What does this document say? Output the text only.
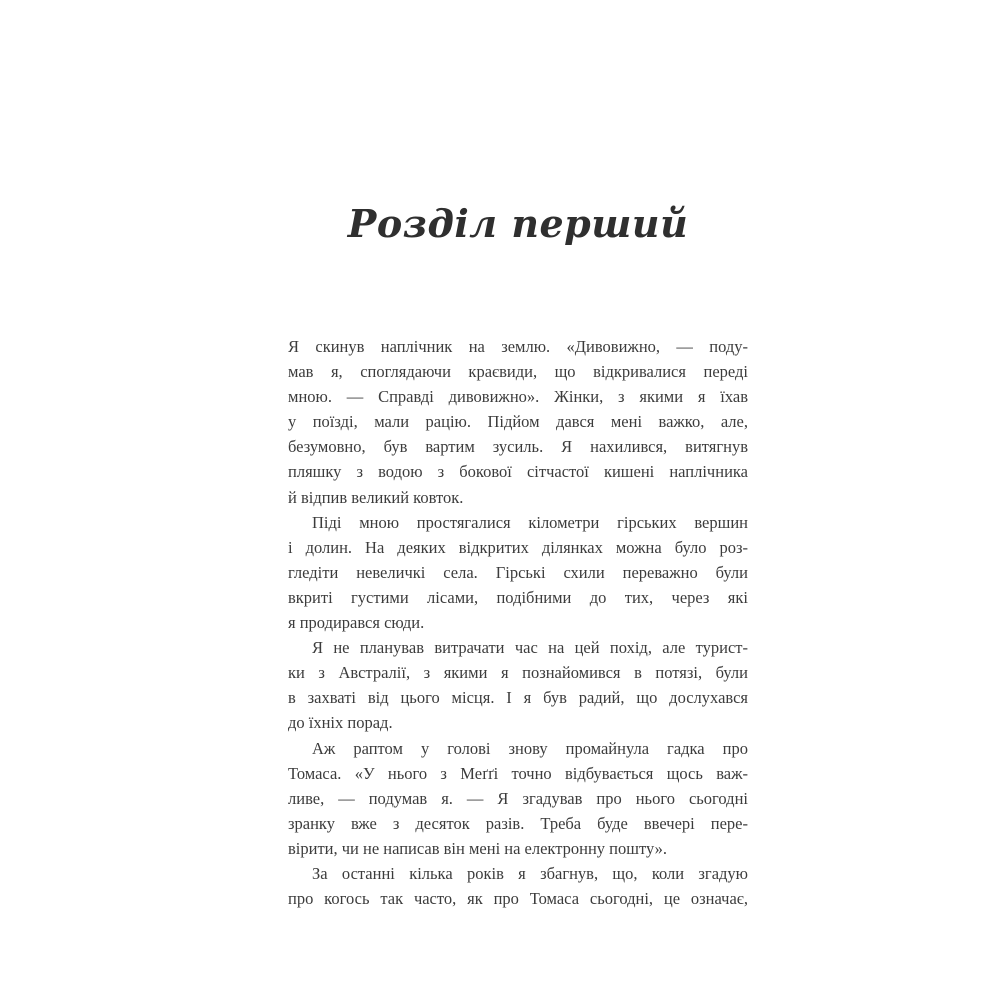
Розділ перший

Я скинув наплічник на землю. «Дивовижно, — поду-
мав я, споглядаючи краєвиди, що відкривалися переді
мною. — Справді дивовижно». Жінки, з якими я їхав
у поїзді, мали рацію. Підйом дався мені важко, але,
безумовно, був вартим зусиль. Я нахилився, витягнув
пляшку з водою з бокової сітчастої кишені наплічника
й відпив великий ковток.

Піді мною простягалися кілометри гірських вершин
і долин. На деяких відкритих ділянках можна було роз-
гледіти невеличкі села. Гірські схили переважно були
вкриті густими лісами, подібними до тих, через які
я продирався сюди.

Я не планував витрачати час на цей похід, але турист-
ки з Австралії, з якими я познайомився в потязі, були
в захваті від цього місця. І я був радий, що дослухався
до їхніх порад.

Аж раптом у голові знову промайнула гадка про
Томаса. «У нього з Меґґі точно відбувається щось важ-
ливе, — подумав я. — Я згадував про нього сьогодні
зранку вже з десяток разів. Треба буде ввечері пере-
вірити, чи не написав він мені на електронну пошту».

За останні кілька років я збагнув, що, коли згадую
про когось так часто, як про Томаса сьогодні, це означає,
